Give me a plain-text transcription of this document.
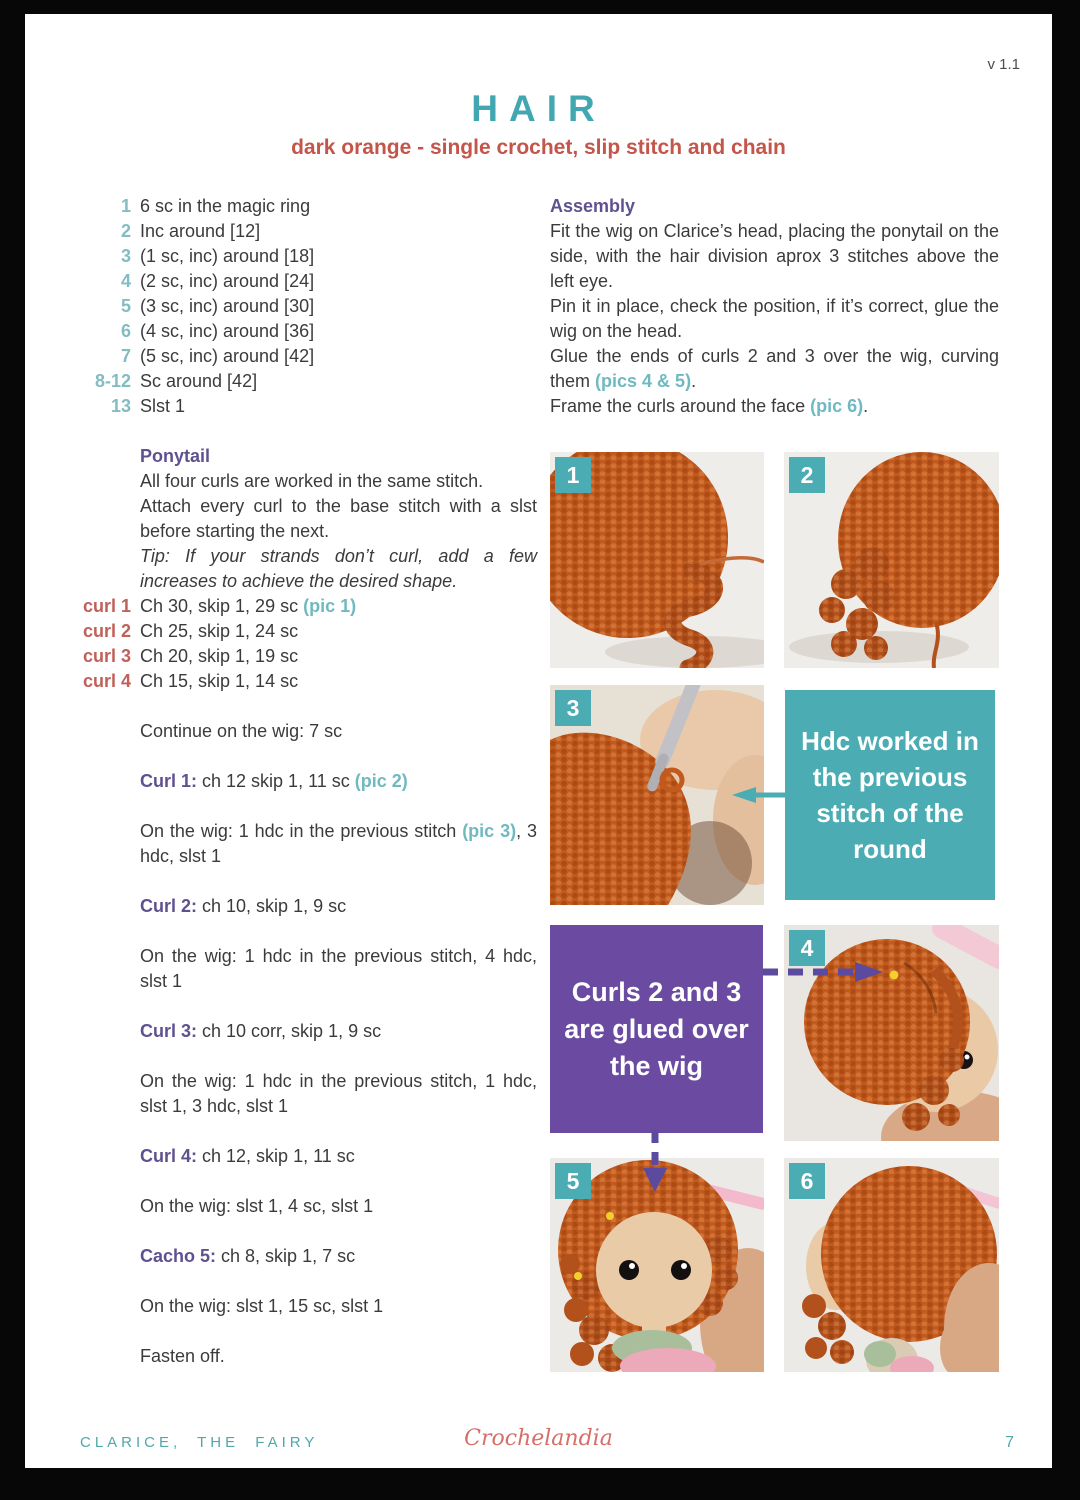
v 1.1
HAIR
dark orange - single crochet, slip stitch and chain
1 6 sc in the magic ring
2 Inc around [12]
3 (1 sc, inc) around [18]
4 (2 sc, inc) around [24]
5 (3 sc, inc) around [30]
6 (4 sc, inc) around [36]
7 (5 sc, inc) around [42]
8-12 Sc around [42]
13 Slst 1

Ponytail

All four curls are worked in the same stitch.

Attach every curl to the base stitch with a slst before starting the next.

Tip: If your strands don’t curl, add a few increases to achieve the desired shape.

curl 1 Ch 30, skip 1, 29 sc (pic 1)
curl 2 Ch 25, skip 1, 24 sc
curl 3 Ch 20, skip 1, 19 sc
curl 4 Ch 15, skip 1, 14 sc

Continue on the wig: 7 sc

Curl 1: ch 12 skip 1, 11 sc (pic 2)

On the wig: 1 hdc in the previous stitch (pic 3), 3 hdc, slst 1

Curl 2: ch 10, skip 1, 9 sc

On the wig: 1 hdc in the previous stitch, 4 hdc, slst 1

Curl 3: ch 10 corr, skip 1, 9 sc

On the wig: 1 hdc in the previous stitch, 1 hdc, slst 1, 3 hdc, slst 1

Curl 4: ch 12, skip 1, 11 sc

On the wig: slst 1, 4 sc, slst 1

Cacho 5: ch 8, skip 1, 7 sc

On the wig: slst 1, 15 sc, slst 1

Fasten off.

Assembly

Fit the wig on Clarice’s head, placing the ponytail on the side, with the hair division aprox 3 stitches above the left eye.

Pin it in place, check the position, if it’s correct, glue the wig on the head.

Glue the ends of curls 2 and 3 over the wig, curving them (pics 4 & 5).

Frame the curls around the face (pic 6).

1	2
3
Hdc worked in the previous stitch of the round
Curls 2 and 3 are glued over the wig
4
5	6
CLARICE, THE FAIRY	Crochelandia	7
